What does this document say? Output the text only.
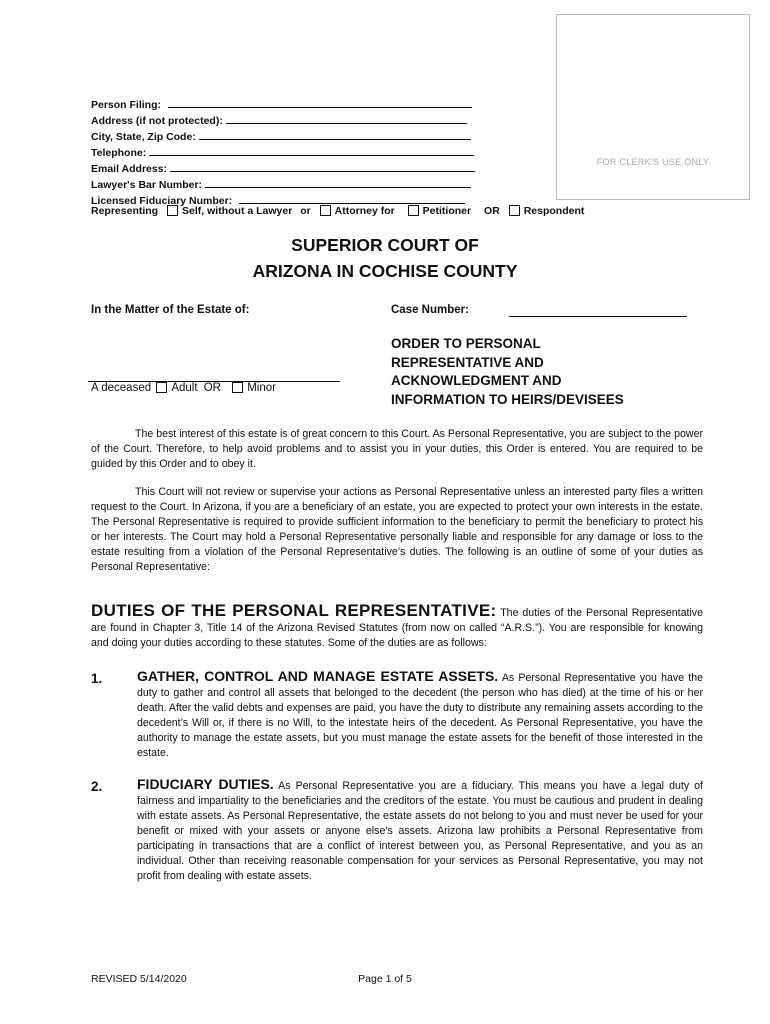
FOR CLERK'S USE ONLY
Person Filing:
Address (if not protected):
City, State, Zip Code:
Telephone:
Email Address:
Lawyer's Bar Number:
Licensed Fiduciary Number:
Representing Self, without a Lawyer or Attorney for	Petitioner OR Respondent
SUPERIOR COURT OF
ARIZONA IN COCHISE COUNTY
In the Matter of the Estate of:	Case Number:
ORDER TO PERSONAL
REPRESENTATIVE AND
ACKNOWLEDGMENT AND
INFORMATION TO HEIRS/DEVISEES
A deceased Adult OR Minor
The best interest of this estate is of great concern to this Court. As Personal Representative, you are subject to the power of the Court. Therefore, to help avoid problems and to assist you in your duties, this Order is entered. You are required to be guided by this Order and to obey it.
This Court will not review or supervise your actions as Personal Representative unless an interested party files a written request to the Court. In Arizona, if you are a beneficiary of an estate, you are expected to protect your own interests in the estate. The Personal Representative is required to provide sufficient information to the beneficiary to permit the beneficiary to protect his or her interests. The Court may hold a Personal Representative personally liable and responsible for any damage or loss to the estate resulting from a violation of the Personal Representative’s duties. The following is an outline of some of your duties as Personal Representative:
DUTIES OF THE PERSONAL REPRESENTATIVE: The duties of the Personal Representative are found in Chapter 3, Title 14 of the Arizona Revised Statutes (from now on called “A.R.S.”). You are responsible for knowing and doing your duties according to these statutes. Some of the duties are as follows:
1. GATHER, CONTROL AND MANAGE ESTATE ASSETS. As Personal Representative you have the duty to gather and control all assets that belonged to the decedent (the person who has died) at the time of his or her death. After the valid debts and expenses are paid, you have the duty to distribute any remaining assets according to the decedent’s Will or, if there is no Will, to the intestate heirs of the decedent. As Personal Representative, you have the authority to manage the estate assets, but you must manage the estate assets for the benefit of those interested in the estate.
2. FIDUCIARY DUTIES. As Personal Representative you are a fiduciary. This means you have a legal duty of fairness and impartiality to the beneficiaries and the creditors of the estate. You must be cautious and prudent in dealing with estate assets. As Personal Representative, the estate assets do not belong to you and must never be used for your benefit or mixed with your assets or anyone else’s assets. Arizona law prohibits a Personal Representative from participating in transactions that are a conflict of interest between you, as Personal Representative, and you as an individual. Other than receiving reasonable compensation for your services as Personal Representative, you may not profit from dealing with estate assets.
REVISED 5/14/2020	Page 1 of 5
